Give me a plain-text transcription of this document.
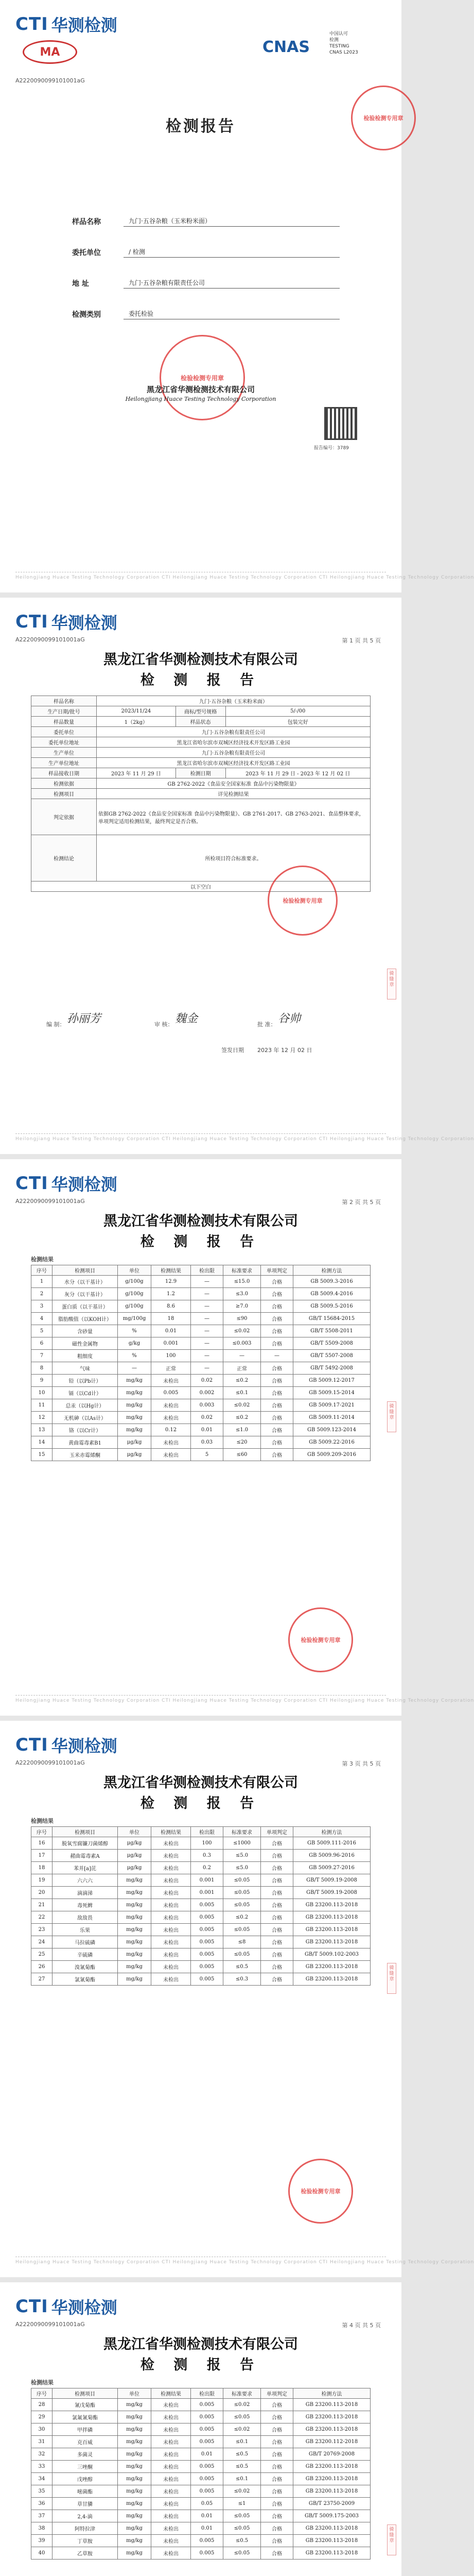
CTI 华测检测
MA	CNAS
中国认可
检测
TESTING
CNAS L2023
A2220090099101001aG
检验检测专用章
检测报告
样品名称	九门·五谷杂粮（玉米粉米面）
委托单位	/ 检测
地 址	九门·五谷杂粮有限责任公司
检测类别	委托检验
检验检测专用章
黑龙江省华测检测技术有限公司
Heilongjiang Huace Testing Technology Corporation
报告编号：3789
Heilongjiang Huace Testing Technology Corporation CTI Heilongjiang Huace Testing Technology Corporation CTI Heilongjiang Huace Testing Technology Corporation
CTI 华测检测
A2220090099101001aG	第 1 页 共 5 页
黑龙江省华测检测技术有限公司
检 测 报 告
样品名称	九门·五谷杂粮（玉米粉米面）		
生产日期/批号	2023/11/24	商标/型号规格	5/-/00
样品数量	1（2kg）	样品状态	包装完好
委托单位	九门·五谷杂粮有限责任公司		
委托单位地址	黑龙江省哈尔滨市双城区经济技术开发区路工业园		
生产单位	九门·五谷杂粮有限责任公司		
生产单位地址	黑龙江省哈尔滨市双城区经济技术开发区路工业园		
样品接收日期	2023 年 11 月 29 日	检测日期	2023 年 11 月 29 日 - 2023 年 12 月 02 日
检测依据	GB 2762-2022《食品安全国家标准 食品中污染物限量》		
检测项目	详见检测结果		
判定依据	依据GB 2762-2022《食品安全国家标准 食品中污染物限量》、GB 2761-2017、GB 2763-2021、食品整体要求，单项判定适用检测结果，最终判定是否合格。		
检测结论	所检项目符合标准要求。		
以下空白			
检验检测专用章
编 制： 孙丽芳	审 核： 魏金	批 准： 谷帅
签发日期 2023 年 12 月 02 日
骑缝章
Heilongjiang Huace Testing Technology Corporation CTI Heilongjiang Huace Testing Technology Corporation CTI Heilongjiang Huace Testing Technology Corporation
CTI 华测检测
A2220090099101001aG	第 2 页 共 5 页
黑龙江省华测检测技术有限公司
检 测 报 告
检测结果
序号	检测项目	单位	检测结果	检出限	标准要求	单项判定	检测方法
1	水分（以干基计）	g/100g	12.9	—	≤15.0	合格	GB 5009.3-2016
2	灰分（以干基计）	g/100g	1.2	—	≤3.0	合格	GB 5009.4-2016
3	蛋白质（以干基计）	g/100g	8.6	—	≥7.0	合格	GB 5009.5-2016
4	脂肪酸值（以KOH计）	mg/100g	18	—	≤90	合格	GB/T 15684-2015
5	含砂量	%	0.01	—	≤0.02	合格	GB/T 5508-2011
6	磁性金属物	g/kg	0.001	—	≤0.003	合格	GB/T 5509-2008
7	粗细度	%	100	—	—	—	GB/T 5507-2008
8	气味	—	正常	—	正常	合格	GB/T 5492-2008
9	铅（以Pb计）	mg/kg	未检出	0.02	≤0.2	合格	GB 5009.12-2017
10	镉（以Cd计）	mg/kg	0.005	0.002	≤0.1	合格	GB 5009.15-2014
11	总汞（以Hg计）	mg/kg	未检出	0.003	≤0.02	合格	GB 5009.17-2021
12	无机砷（以As计）	mg/kg	未检出	0.02	≤0.2	合格	GB 5009.11-2014
13	铬（以Cr计）	mg/kg	0.12	0.01	≤1.0	合格	GB 5009.123-2014
14	黄曲霉毒素B1	μg/kg	未检出	0.03	≤20	合格	GB 5009.22-2016
15	玉米赤霉烯酮	μg/kg	未检出	5	≤60	合格	GB 5009.209-2016
检验检测专用章
骑缝章
Heilongjiang Huace Testing Technology Corporation CTI Heilongjiang Huace Testing Technology Corporation CTI Heilongjiang Huace Testing Technology Corporation
CTI 华测检测
A2220090099101001aG	第 3 页 共 5 页
黑龙江省华测检测技术有限公司
检 测 报 告
检测结果
序号	检测项目	单位	检测结果	检出限	标准要求	单项判定	检测方法
16	脱氧雪腐镰刀菌烯醇	μg/kg	未检出	100	≤1000	合格	GB 5009.111-2016
17	赭曲霉毒素A	μg/kg	未检出	0.3	≤5.0	合格	GB 5009.96-2016
18	苯并[a]芘	μg/kg	未检出	0.2	≤5.0	合格	GB 5009.27-2016
19	六六六	mg/kg	未检出	0.001	≤0.05	合格	GB/T 5009.19-2008
20	滴滴涕	mg/kg	未检出	0.001	≤0.05	合格	GB/T 5009.19-2008
21	毒死蜱	mg/kg	未检出	0.005	≤0.05	合格	GB 23200.113-2018
22	敌敌畏	mg/kg	未检出	0.005	≤0.2	合格	GB 23200.113-2018
23	乐果	mg/kg	未检出	0.005	≤0.05	合格	GB 23200.113-2018
24	马拉硫磷	mg/kg	未检出	0.005	≤8	合格	GB 23200.113-2018
25	辛硫磷	mg/kg	未检出	0.005	≤0.05	合格	GB/T 5009.102-2003
26	溴氰菊酯	mg/kg	未检出	0.005	≤0.5	合格	GB 23200.113-2018
27	氯氰菊酯	mg/kg	未检出	0.005	≤0.3	合格	GB 23200.113-2018
检验检测专用章
骑缝章
Heilongjiang Huace Testing Technology Corporation CTI Heilongjiang Huace Testing Technology Corporation CTI Heilongjiang Huace Testing Technology Corporation
CTI 华测检测
A2220090099101001aG	第 4 页 共 5 页
黑龙江省华测检测技术有限公司
检 测 报 告
检测结果
序号	检测项目	单位	检测结果	检出限	标准要求	单项判定	检测方法
28	氰戊菊酯	mg/kg	未检出	0.005	≤0.02	合格	GB 23200.113-2018
29	氯氟氰菊酯	mg/kg	未检出	0.005	≤0.05	合格	GB 23200.113-2018
30	甲拌磷	mg/kg	未检出	0.005	≤0.02	合格	GB 23200.113-2018
31	克百威	mg/kg	未检出	0.005	≤0.1	合格	GB 23200.112-2018
32	多菌灵	mg/kg	未检出	0.01	≤0.5	合格	GB/T 20769-2008
33	三唑酮	mg/kg	未检出	0.005	≤0.5	合格	GB 23200.113-2018
34	戊唑醇	mg/kg	未检出	0.005	≤0.1	合格	GB 23200.113-2018
35	嘧菌酯	mg/kg	未检出	0.005	≤0.02	合格	GB 23200.113-2018
36	草甘膦	mg/kg	未检出	0.05	≤1	合格	GB/T 23750-2009
37	2,4-滴	mg/kg	未检出	0.01	≤0.05	合格	GB/T 5009.175-2003
38	阿特拉津	mg/kg	未检出	0.01	≤0.05	合格	GB 23200.113-2018
39	丁草胺	mg/kg	未检出	0.005	≤0.5	合格	GB 23200.113-2018
40	乙草胺	mg/kg	未检出	0.005	≤0.05	合格	GB 23200.113-2018
骑缝章
